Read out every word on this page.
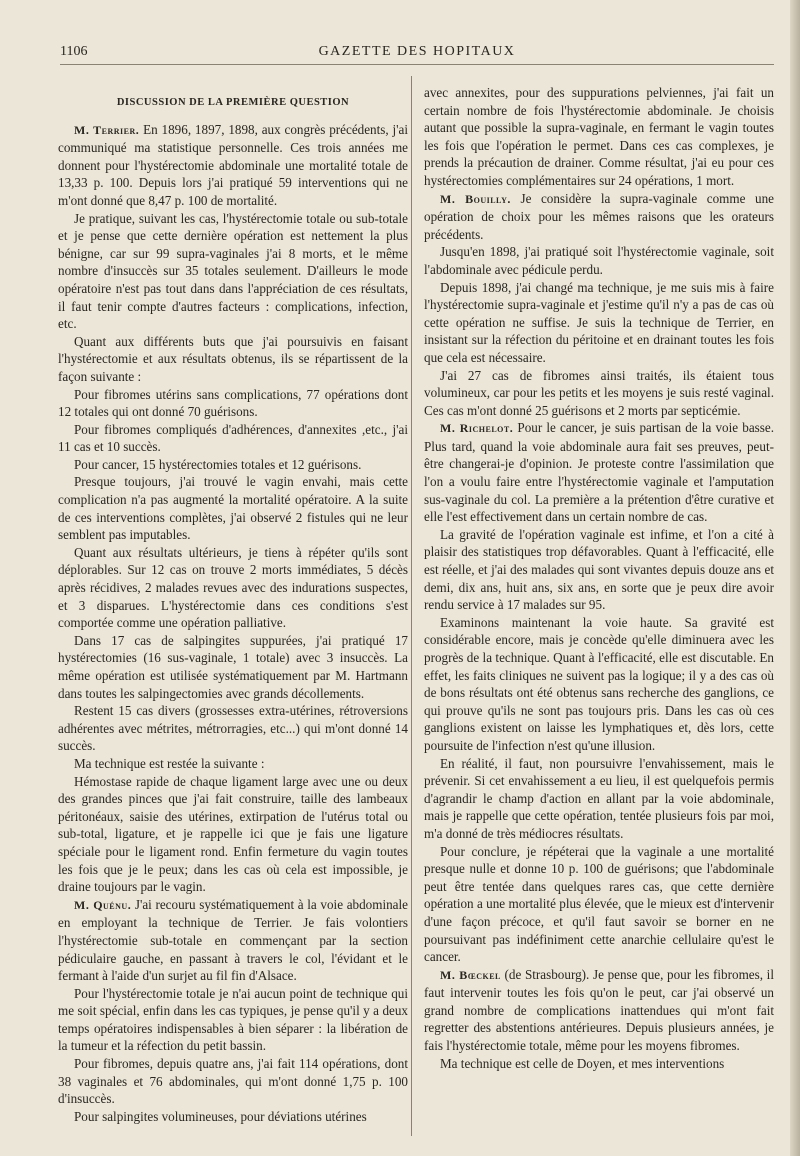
1106	GAZETTE DES HOPITAUX
DISCUSSION DE LA PREMIÈRE QUESTION

M. Terrier. En 1896, 1897, 1898, aux congrès précédents, j'ai communiqué ma statistique personnelle. Ces trois années me donnent pour l'hystérectomie abdominale une mortalité totale de 13,33 p. 100. Depuis lors j'ai pratiqué 59 interventions qui ne m'ont donné que 8,47 p. 100 de mortalité.

Je pratique, suivant les cas, l'hystérectomie totale ou sub-totale et je pense que cette dernière opération est nettement la plus bénigne, car sur 99 supra-vaginales j'ai 8 morts, et le même nombre d'insuccès sur 35 totales seulement. D'ailleurs le mode opératoire n'est pas tout dans dans l'appréciation de ces résultats, il faut tenir compte d'autres facteurs : complications, infection, etc.

Quant aux différents buts que j'ai poursuivis en faisant l'hystérectomie et aux résultats obtenus, ils se répartissent de la façon suivante :

Pour fibromes utérins sans complications, 77 opérations dont 12 totales qui ont donné 70 guérisons.

Pour fibromes compliqués d'adhérences, d'annexites ,etc., j'ai 11 cas et 10 succès.

Pour cancer, 15 hystérectomies totales et 12 guérisons.

Presque toujours, j'ai trouvé le vagin envahi, mais cette complication n'a pas augmenté la mortalité opératoire. A la suite de ces interventions complètes, j'ai observé 2 fistules qui ne leur semblent pas imputables.

Quant aux résultats ultérieurs, je tiens à répéter qu'ils sont déplorables. Sur 12 cas on trouve 2 morts immédiates, 5 décès après récidives, 2 malades revues avec des indurations suspectes, et 3 disparues. L'hystérectomie dans ces conditions s'est comportée comme une opération palliative.

Dans 17 cas de salpingites suppurées, j'ai pratiqué 17 hystérectomies (16 sus-vaginale, 1 totale) avec 3 insuccès. La même opération est utilisée systématiquement par M. Hartmann dans toutes les salpingectomies avec grands décollements.

Restent 15 cas divers (grossesses extra-utérines, rétroversions adhérentes avec métrites, métrorragies, etc...) qui m'ont donné 14 succès.

Ma technique est restée la suivante :

Hémostase rapide de chaque ligament large avec une ou deux des grandes pinces que j'ai fait construire, taille des lambeaux péritonéaux, saisie des utérines, extirpation de l'utérus total ou sub-total, ligature, et je rappelle ici que je fais une ligature spéciale pour le ligament rond. Enfin fermeture du vagin toutes les fois que je le peux; dans les cas où cela est impossible, je draine toujours par le vagin.

M. Quénu. J'ai recouru systématiquement à la voie abdominale en employant la technique de Terrier. Je fais volontiers l'hystérectomie sub-totale en commençant par la section pédiculaire gauche, en passant à travers le col, l'évidant et le fermant à l'aide d'un surjet au fil fin d'Alsace.

Pour l'hystérectomie totale je n'ai aucun point de technique qui me soit spécial, enfin dans les cas typiques, je pense qu'il y a deux temps opératoires indispensables à bien séparer : la libération de la tumeur et la réfection du petit bassin.

Pour fibromes, depuis quatre ans, j'ai fait 114 opérations, dont 38 vaginales et 76 abdominales, qui m'ont donné 1,75 p. 100 d'insuccès.

Pour salpingites volumineuses, pour déviations utérines

avec annexites, pour des suppurations pelviennes, j'ai fait un certain nombre de fois l'hystérectomie abdominale. Je choisis autant que possible la supra-vaginale, en fermant le vagin toutes les fois que l'opération le permet. Dans ces cas complexes, je prends la précaution de drainer. Comme résultat, j'ai eu pour ces hystérectomies complémentaires sur 24 opérations, 1 mort.

M. Bouilly. Je considère la supra-vaginale comme une opération de choix pour les mêmes raisons que les orateurs précédents.

Jusqu'en 1898, j'ai pratiqué soit l'hystérectomie vaginale, soit l'abdominale avec pédicule perdu.

Depuis 1898, j'ai changé ma technique, je me suis mis à faire l'hystérectomie supra-vaginale et j'estime qu'il n'y a pas de cas où cette opération ne suffise. Je suis la technique de Terrier, en insistant sur la réfection du péritoine et en drainant toutes les fois que cela est nécessaire.

J'ai 27 cas de fibromes ainsi traités, ils étaient tous volumineux, car pour les petits et les moyens je suis resté vaginal. Ces cas m'ont donné 25 guérisons et 2 morts par septicémie.

M. Richelot. Pour le cancer, je suis partisan de la voie basse. Plus tard, quand la voie abdominale aura fait ses preuves, peut-être changerai-je d'opinion. Je proteste contre l'assimilation que l'on a voulu faire entre l'hystérectomie vaginale et l'amputation sus-vaginale du col. La première a la prétention d'être curative et elle l'est effectivement dans un certain nombre de cas.

La gravité de l'opération vaginale est infime, et l'on a cité à plaisir des statistiques trop défavorables. Quant à l'efficacité, elle est réelle, et j'ai des malades qui sont vivantes depuis douze ans et demi, dix ans, huit ans, six ans, en sorte que je peux dire avoir rendu service à 17 malades sur 95.

Examinons maintenant la voie haute. Sa gravité est considérable encore, mais je concède qu'elle diminuera avec les progrès de la technique. Quant à l'efficacité, elle est discutable. En effet, les faits cliniques ne suivent pas la logique; il y a des cas où de bons résultats ont été obtenus sans recherche des ganglions, ce qui prouve qu'ils ne sont pas toujours pris. Dans les cas où ces ganglions existent on laisse les lymphatiques et, dès lors, cette poursuite de l'infection n'est qu'une illusion.

En réalité, il faut, non poursuivre l'envahissement, mais le prévenir. Si cet envahissement a eu lieu, il est quelquefois permis d'agrandir le champ d'action en allant par la voie abdominale, mais je rappelle que cette opération, tentée plusieurs fois par moi, m'a donné de très médiocres résultats.

Pour conclure, je répéterai que la vaginale a une mortalité presque nulle et donne 10 p. 100 de guérisons; que l'abdominale peut être tentée dans quelques rares cas, que cette dernière opération a une mortalité plus élevée, que le mieux est d'intervenir d'une façon précoce, et qu'il faut savoir se borner en ne poursuivant pas indéfiniment cette anarchie cellulaire qu'est le cancer.

M. Bœckel (de Strasbourg). Je pense que, pour les fibromes, il faut intervenir toutes les fois qu'on le peut, car j'ai observé un grand nombre de complications inattendues qui m'ont fait regretter des abstentions antérieures. Depuis plusieurs années, je fais l'hystérectomie totale, même pour les moyens fibromes.

Ma technique est celle de Doyen, et mes interventions
